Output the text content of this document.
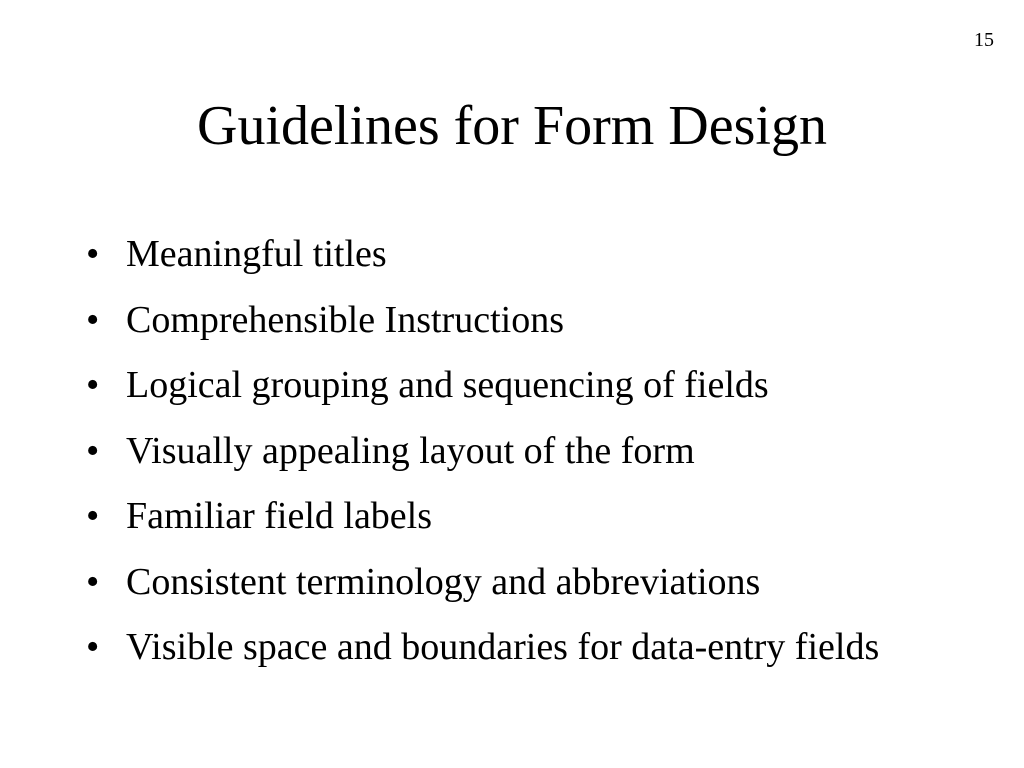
15
Guidelines for Form Design
• Meaningful titles
• Comprehensible Instructions
• Logical grouping and sequencing of fields
• Visually appealing layout of the form
• Familiar field labels
• Consistent terminology and abbreviations
• Visible space and boundaries for data-entry fields
